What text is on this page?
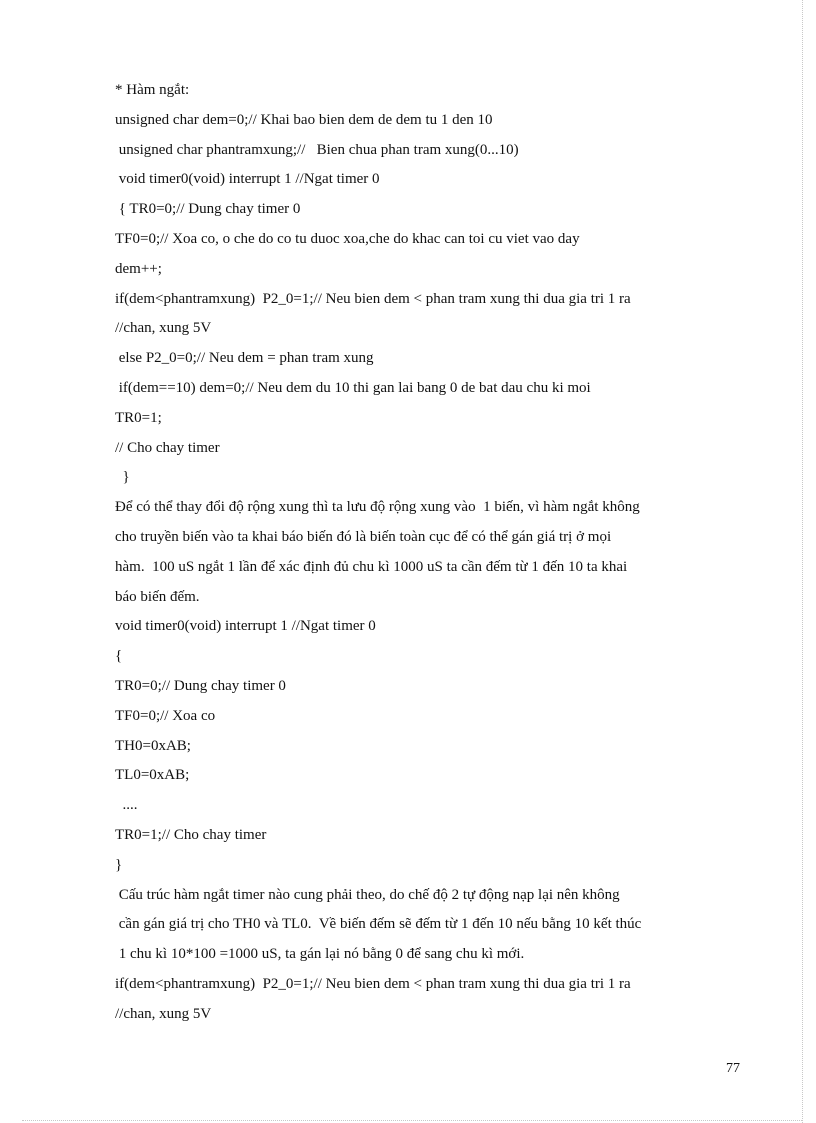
* Hàm ngắt:
unsigned char dem=0;// Khai bao bien dem de dem tu 1 den 10
unsigned char phantramxung;//   Bien chua phan tram xung(0...10)
void timer0(void) interrupt 1 //Ngat timer 0
{ TR0=0;// Dung chay timer 0
TF0=0;// Xoa co, o che do co tu duoc xoa,che do khac can toi cu viet vao day
dem++;
if(dem<phantramxung)  P2_0=1;// Neu bien dem < phan tram xung thi dua gia tri 1 ra
//chan, xung 5V
else P2_0=0;// Neu dem = phan tram xung
if(dem==10) dem=0;// Neu dem du 10 thi gan lai bang 0 de bat dau chu ki moi
TR0=1;
// Cho chay timer
}
Để có thể thay đổi độ rộng xung thì ta lưu độ rộng xung vào  1 biến, vì hàm ngắt không
cho truyền biến vào ta khai báo biến đó là biến toàn cục để có thể gán giá trị ở mọi
hàm.  100 uS ngắt 1 lần để xác định đủ chu kì 1000 uS ta cần đếm từ 1 đến 10 ta khai
báo biến đếm.
void timer0(void) interrupt 1 //Ngat timer 0
{
TR0=0;// Dung chay timer 0
TF0=0;// Xoa co
TH0=0xAB;
TL0=0xAB;
....
TR0=1;// Cho chay timer
}
Cấu trúc hàm ngắt timer nào cung phải theo, do chế độ 2 tự động nạp lại nên không
cần gán giá trị cho TH0 và TL0.  Về biến đếm sẽ đếm từ 1 đến 10 nếu bằng 10 kết thúc
1 chu kì 10*100 =1000 uS, ta gán lại nó bằng 0 để sang chu kì mới.
if(dem<phantramxung)  P2_0=1;// Neu bien dem < phan tram xung thi dua gia tri 1 ra
//chan, xung 5V
77
